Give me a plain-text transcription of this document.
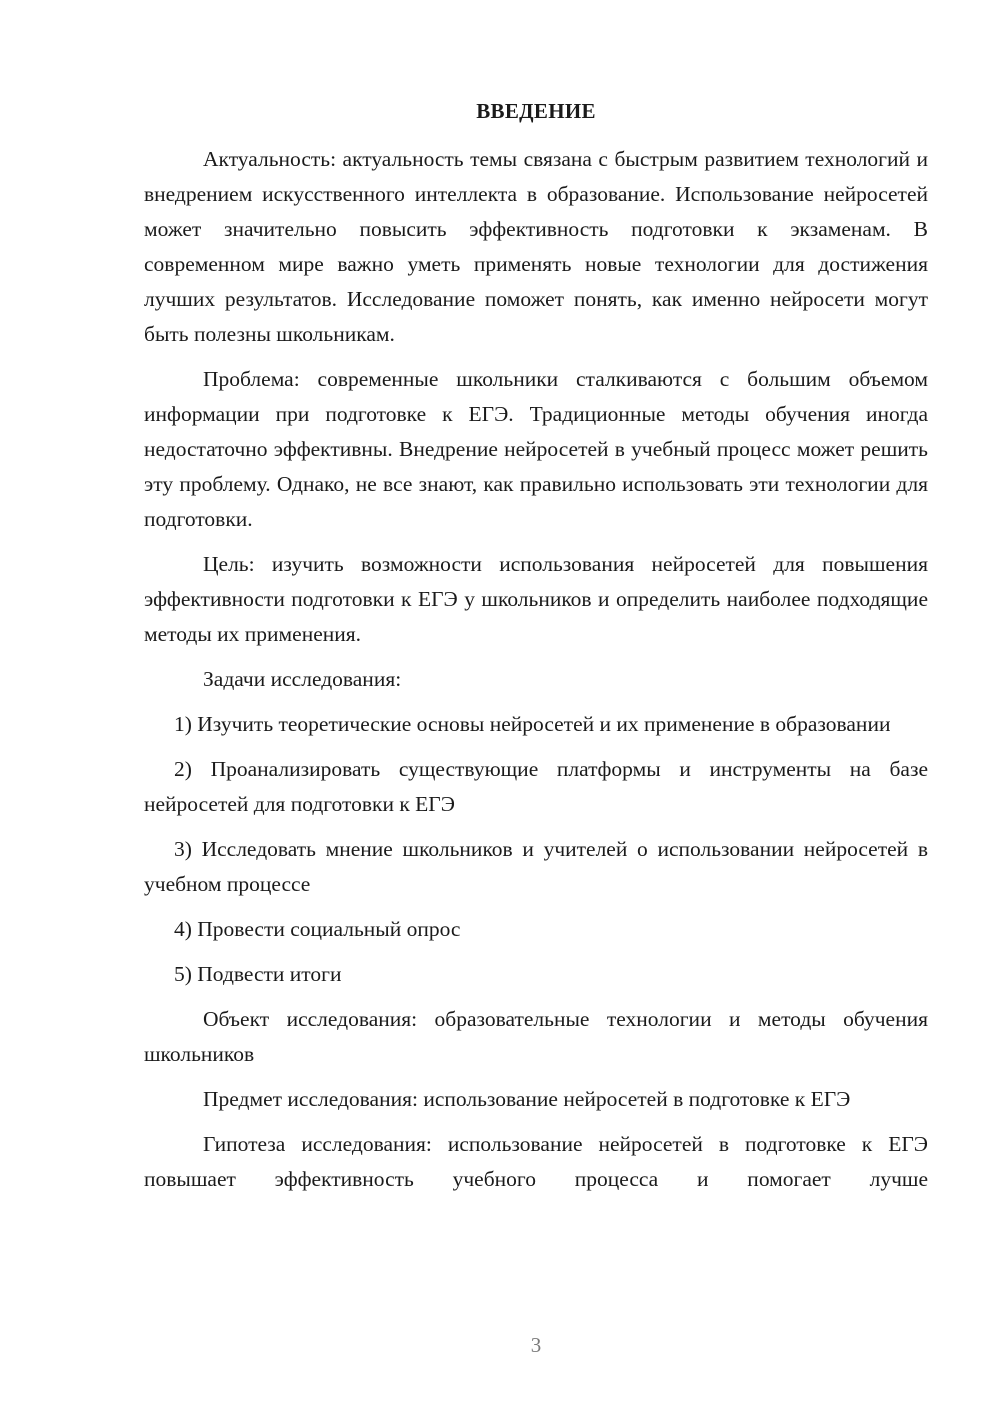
ВВЕДЕНИЕ

Актуальность: актуальность темы связана с быстрым развитием технологий и внедрением искусственного интеллекта в образование. Использование нейросетей может значительно повысить эффективность подготовки к экзаменам. В современном мире важно уметь применять новые технологии для достижения лучших результатов. Исследование поможет понять, как именно нейросети могут быть полезны школьникам.

Проблема: современные школьники сталкиваются с большим объемом информации при подготовке к ЕГЭ. Традиционные методы обучения иногда недостаточно эффективны. Внедрение нейросетей в учебный процесс может решить эту проблему. Однако, не все знают, как правильно использовать эти технологии для подготовки.

Цель: изучить возможности использования нейросетей для повышения эффективности подготовки к ЕГЭ у школьников и определить наиболее подходящие методы их применения.

Задачи исследования:

1) Изучить теоретические основы нейросетей и их применение в образовании

2) Проанализировать существующие платформы и инструменты на базе нейросетей для подготовки к ЕГЭ

3) Исследовать мнение школьников и учителей о использовании нейросетей в учебном процессе

4) Провести социальный опрос

5) Подвести итоги

Объект исследования: образовательные технологии и методы обучения школьников

Предмет исследования: использование нейросетей в подготовке к ЕГЭ

Гипотеза исследования: использование нейросетей в подготовке к ЕГЭ повышает эффективность учебного процесса и помогает лучше

3
